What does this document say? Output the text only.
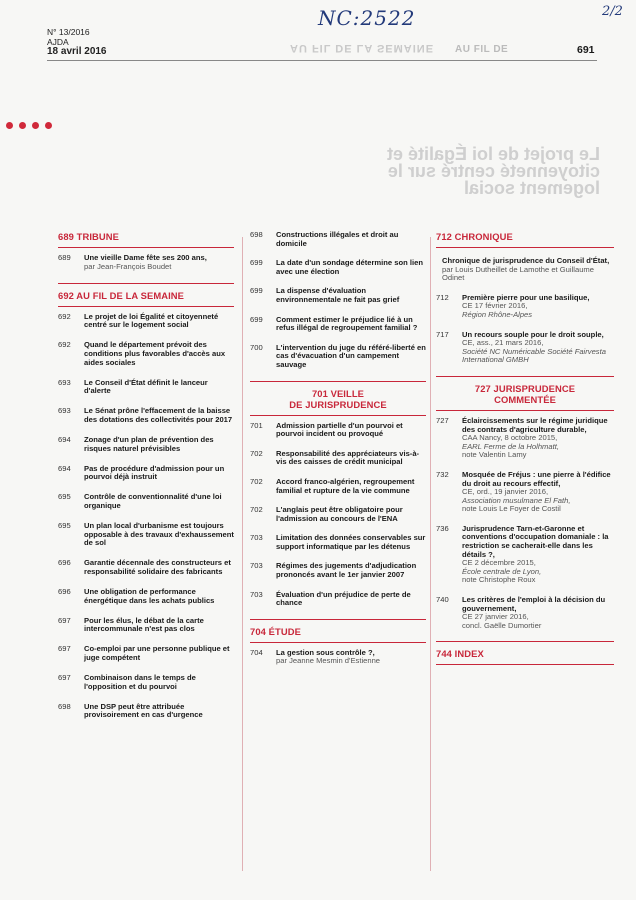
NC:2522	2/2
N° 13/2016
AJDA
18 avril 2016	AU FIL DE LA SEMAINE AU FIL DE	691
Le projet de loi Égalité et citoyenneté centré sur le logement social
689 TRIBUNE
689	Une vieille Dame fête ses 200 ans,
par Jean-François Boudet
692 AU FIL DE LA SEMAINE
692	Le projet de loi Égalité et citoyenneté centré sur le logement social
692	Quand le département prévoit des conditions plus favorables d'accès aux aides sociales
693	Le Conseil d'État définit le lanceur d'alerte
693	Le Sénat prône l'effacement de la baisse des dotations des collectivités pour 2017
694	Zonage d'un plan de prévention des risques naturel prévisibles
694	Pas de procédure d'admission pour un pourvoi déjà instruit
695	Contrôle de conventionnalité d'une loi organique
695	Un plan local d'urbanisme est toujours opposable à des travaux d'exhaussement de sol
696	Garantie décennale des constructeurs et responsabilité solidaire des fabricants
696	Une obligation de performance énergétique dans les achats publics
697	Pour les élus, le débat de la carte intercommunale n'est pas clos
697	Co-emploi par une personne publique et juge compétent
697	Combinaison dans le temps de l'opposition et du pourvoi
698	Une DSP peut être attribuée provisoirement en cas d'urgence
698	Constructions illégales et droit au domicile
699	La date d'un sondage détermine son lien avec une élection
699	La dispense d'évaluation environnementale ne fait pas grief
699	Comment estimer le préjudice lié à un refus illégal de regroupement familial ?
700	L'intervention du juge du référé-liberté en cas d'évacuation d'un campement sauvage
701 VEILLE
DE JURISPRUDENCE
701	Admission partielle d'un pourvoi et pourvoi incident ou provoqué
702	Responsabilité des appréciateurs vis-à-vis des caisses de crédit municipal
702	Accord franco-algérien, regroupement familial et rupture de la vie commune
702	L'anglais peut être obligatoire pour l'admission au concours de l'ENA
703	Limitation des données conservables sur support informatique par les détenus
703	Régimes des jugements d'adjudication prononcés avant le 1er janvier 2007
703	Évaluation d'un préjudice de perte de chance
704 ÉTUDE
704	La gestion sous contrôle ?,
par Jeanne Mesmin d'Estienne
712 CHRONIQUE
Chronique de jurisprudence du Conseil d'État,
par Louis Dutheillet de Lamothe et Guillaume Odinet
712	Première pierre pour une basilique,
CE 17 février 2016,
Région Rhône-Alpes
717	Un recours souple pour le droit souple,
CE, ass., 21 mars 2016,
Société NC Numéricable Société Fairvesta International GMBH
727 JURISPRUDENCE
COMMENTÉE
727	Éclaircissements sur le régime juridique des contrats d'agriculture durable,
CAA Nancy, 8 octobre 2015,
EARL Ferme de la Holhmatt,
note Valentin Lamy
732	Mosquée de Fréjus : une pierre à l'édifice du droit au recours effectif,
CE, ord., 19 janvier 2016,
Association musulmane El Fath,
note Louis Le Foyer de Costil
736	Jurisprudence Tarn-et-Garonne et conventions d'occupation domaniale : la restriction se cacherait-elle dans les détails ?,
CE 2 décembre 2015,
École centrale de Lyon,
note Christophe Roux
740	Les critères de l'emploi à la décision du gouvernement,
CE 27 janvier 2016,
concl. Gaëlle Dumortier
744 INDEX
